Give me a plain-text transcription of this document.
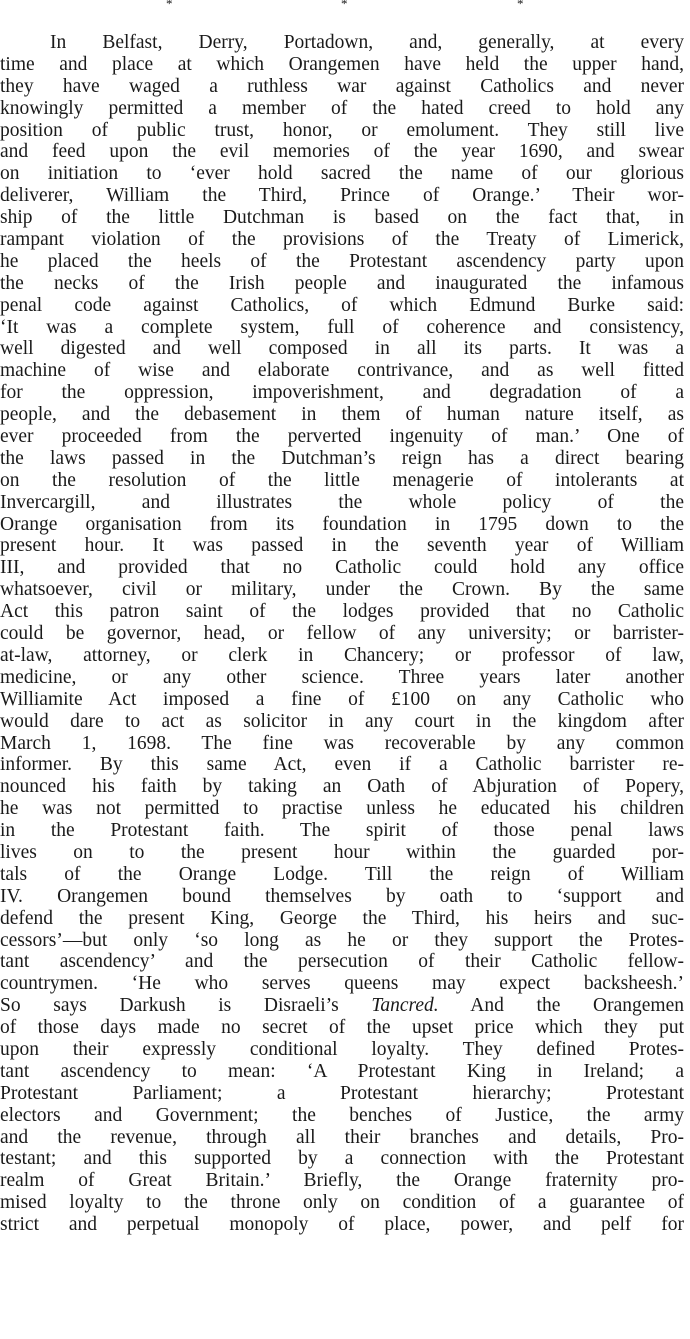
*	*	*
In Belfast, Derry, Portadown, and, generally, at every
time and place at which Orangemen have held the upper hand,
they have waged a ruthless war against Catholics and never
knowingly permitted a member of the hated creed to hold any
position of public trust, honor, or emolument. They still live
and feed upon the evil memories of the year 1690, and swear
on initiation to ‘ever hold sacred the name of our glorious
deliverer, William the Third, Prince of Orange.’ Their wor-
ship of the little Dutchman is based on the fact that, in
rampant violation of the provisions of the Treaty of Limerick,
he placed the heels of the Protestant ascendency party upon
the necks of the Irish people and inaugurated the infamous
penal code against Catholics, of which Edmund Burke said:
‘It was a complete system, full of coherence and consistency,
well digested and well composed in all its parts. It was a
machine of wise and elaborate contrivance, and as well fitted
for the oppression, impoverishment, and degradation of a
people, and the debasement in them of human nature itself, as
ever proceeded from the perverted ingenuity of man.’ One of
the laws passed in the Dutchman’s reign has a direct bearing
on the resolution of the little menagerie of intolerants at
Invercargill, and illustrates the whole policy of the
Orange organisation from its foundation in 1795 down to the
present hour. It was passed in the seventh year of William
III, and provided that no Catholic could hold any office
whatsoever, civil or military, under the Crown. By the same
Act this patron saint of the lodges provided that no Catholic
could be governor, head, or fellow of any university; or barrister-
at-law, attorney, or clerk in Chancery; or professor of law,
medicine, or any other science. Three years later another
Williamite Act imposed a fine of £100 on any Catholic who
would dare to act as solicitor in any court in the kingdom after
March 1, 1698. The fine was recoverable by any common
informer. By this same Act, even if a Catholic barrister re-
nounced his faith by taking an Oath of Abjuration of Popery,
he was not permitted to practise unless he educated his children
in the Protestant faith. The spirit of those penal laws
lives on to the present hour within the guarded por-
tals of the Orange Lodge. Till the reign of William
IV. Orangemen bound themselves by oath to ‘support and
defend the present King, George the Third, his heirs and suc-
cessors’—but only ‘so long as he or they support the Protes-
tant ascendency’ and the persecution of their Catholic fellow-
countrymen. ‘He who serves queens may expect backsheesh.’
So says Darkush is Disraeli’s Tancred. And the Orangemen
of those days made no secret of the upset price which they put
upon their expressly conditional loyalty. They defined Protes-
tant ascendency to mean: ‘A Protestant King in Ireland; a
Protestant Parliament; a Protestant hierarchy; Protestant
electors and Government; the benches of Justice, the army
and the revenue, through all their branches and details, Pro-
testant; and this supported by a connection with the Protestant
realm of Great Britain.’ Briefly, the Orange fraternity pro-
mised loyalty to the throne only on condition of a guarantee of
strict and perpetual monopoly of place, power, and pelf for
